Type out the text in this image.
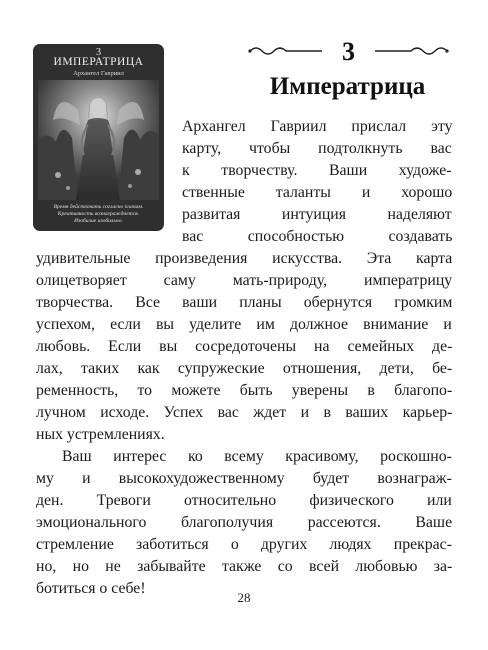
3
ИМПЕРАТРИЦА
Архангел Гавриил
Время действовать согласно планам.
Креативность вознаграждается.
Изобилие изобильно.
3
Императрица
Архангел Гавриил прислал эту
карту, чтобы подтолкнуть вас
к творчеству. Ваши художе-
ственные таланты и хорошо
развитая интуиция наделяют
вас способностью создавать
удивительные произведения искусства. Эта карта
олицетворяет саму мать-природу, императрицу
творчества. Все ваши планы обернутся громким
успехом, если вы уделите им должное внимание и
любовь. Если вы сосредоточены на семейных де-
лах, таких как супружеские отношения, дети, бе-
ременность, то можете быть уверены в благопо-
лучном исходе. Успех вас ждет и в ваших карьер-
ных устремлениях.
Ваш интерес ко всему красивому, роскошно-
му и высокохудожественному будет вознаграж-
ден. Тревоги относительно физического или
эмоционального благополучия рассеются. Ваше
стремление заботиться о других людях прекрас-
но, но не забывайте также со всей любовью за-
ботиться о себе!
28
